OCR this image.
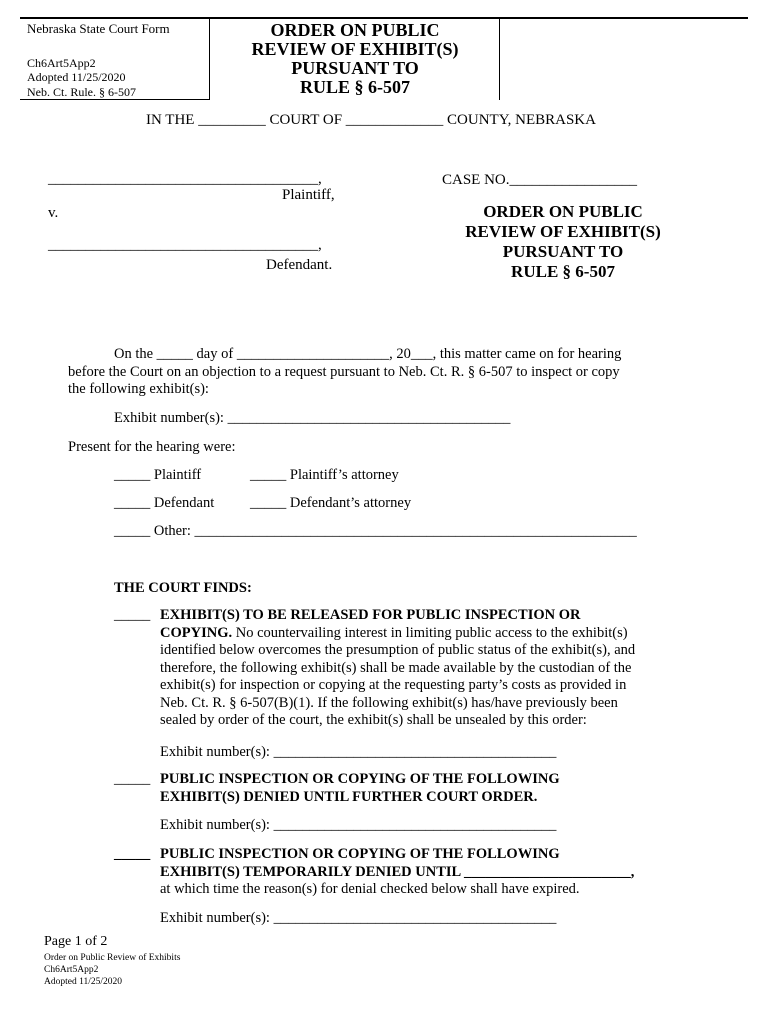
Nebraska State Court Form
Ch6Art5App2
Adopted 11/25/2020
Neb. Ct. Rule. § 6-507
ORDER ON PUBLIC
REVIEW OF EXHIBIT(S)
PURSUANT TO
RULE § 6-507
IN THE _________ COURT OF _____________ COUNTY, NEBRASKA
____________________________________,
Plaintiff,
v.
____________________________________,
Defendant.
CASE NO._________________
ORDER ON PUBLIC
REVIEW OF EXHIBIT(S)
PURSUANT TO
RULE § 6-507
On the _____ day of _____________________, 20___, this matter came on for hearing
before the Court on an objection to a request pursuant to Neb. Ct. R. § 6-507 to inspect or copy
the following exhibit(s):
Exhibit number(s): _______________________________________
Present for the hearing were:
_____ Plaintiff	_____ Plaintiff’s attorney
_____ Defendant _____ Defendant’s attorney
_____ Other: _____________________________________________________________
THE COURT FINDS:
_____ EXHIBIT(S) TO BE RELEASED FOR PUBLIC INSPECTION OR
COPYING. No countervailing interest in limiting public access to the exhibit(s)
identified below overcomes the presumption of public status of the exhibit(s), and
therefore, the following exhibit(s) shall be made available by the custodian of the
exhibit(s) for inspection or copying at the requesting party’s costs as provided in
Neb. Ct. R. § 6-507(B)(1). If the following exhibit(s) has/have previously been
sealed by order of the court, the exhibit(s) shall be unsealed by this order:
Exhibit number(s): _______________________________________
_____ PUBLIC INSPECTION OR COPYING OF THE FOLLOWING
EXHIBIT(S) DENIED UNTIL FURTHER COURT ORDER.
Exhibit number(s): _______________________________________
_____ PUBLIC INSPECTION OR COPYING OF THE FOLLOWING
EXHIBIT(S) TEMPORARILY DENIED UNTIL _______________________,
at which time the reason(s) for denial checked below shall have expired.
Exhibit number(s): _______________________________________
Page 1 of 2
Order on Public Review of Exhibits
Ch6Art5App2
Adopted 11/25/2020
